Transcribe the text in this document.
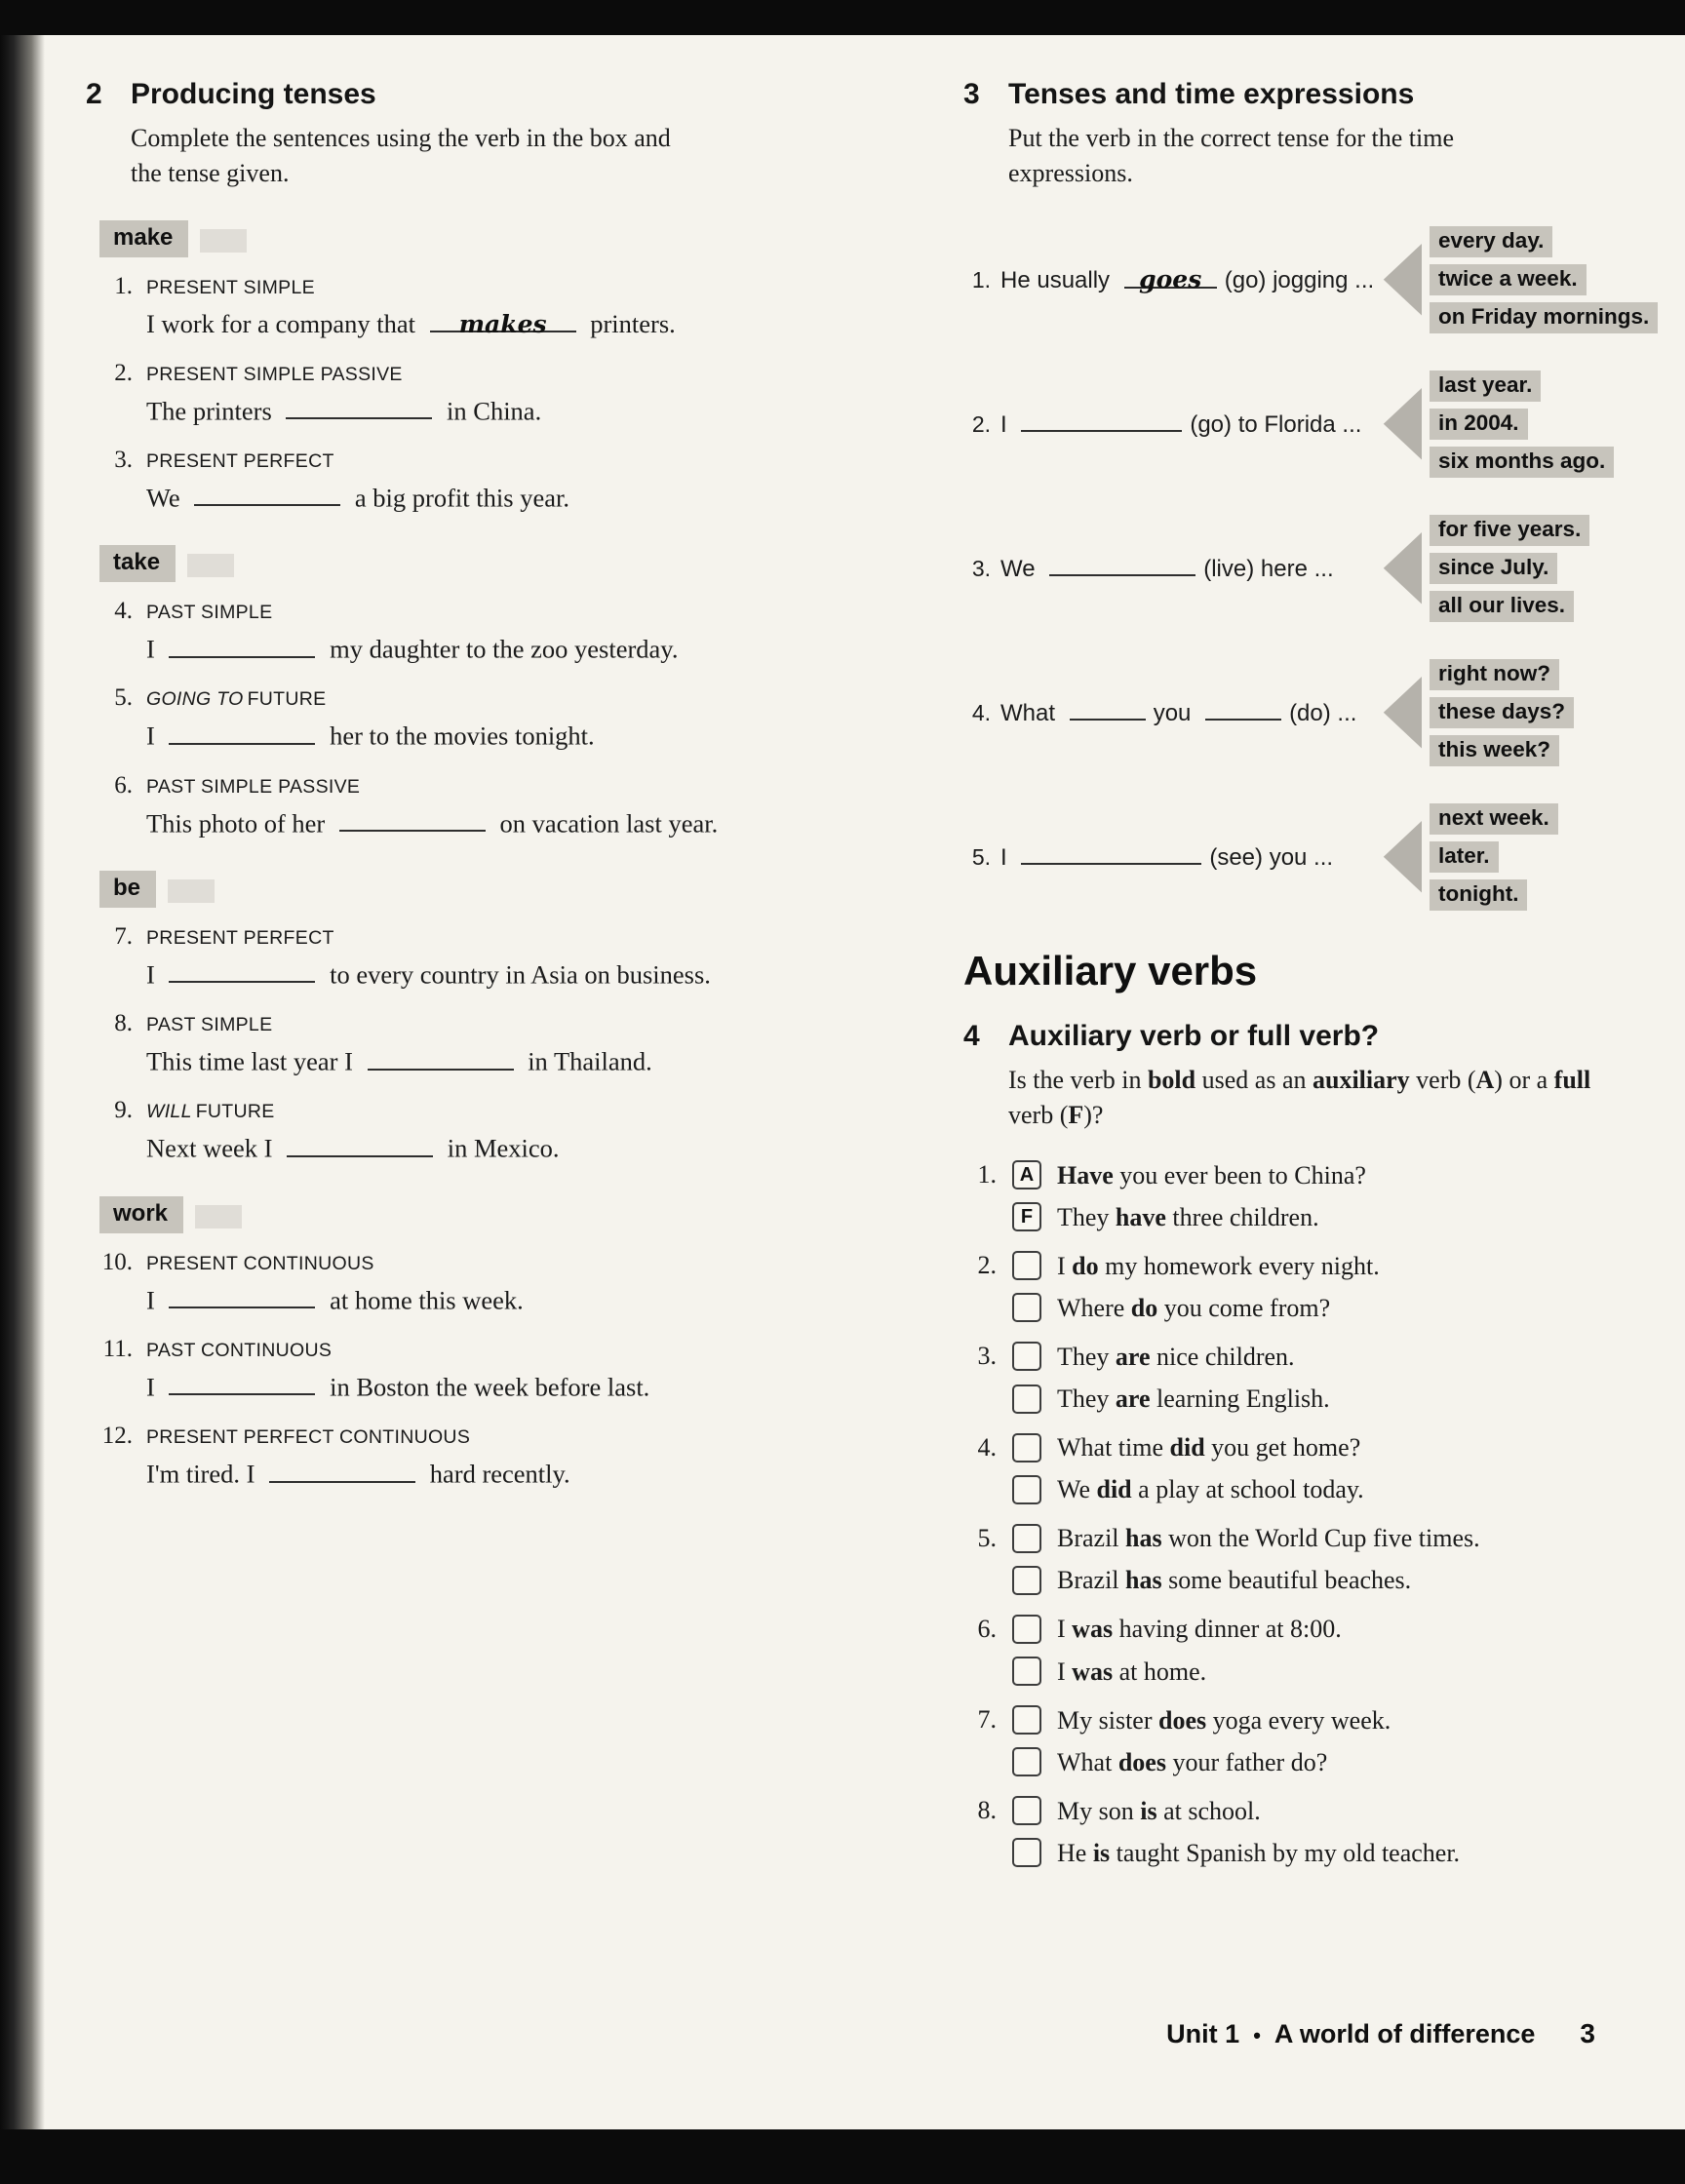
2 Producing tenses

Complete the sentences using the verb in the box and the tense given.

make
1. PRESENT SIMPLE
I work for a company that makes printers.
2. PRESENT SIMPLE PASSIVE
The printers	in China.
3. PRESENT PERFECT
We	a big profit this year.
take
4. PAST SIMPLE
I	my daughter to the zoo yesterday.
5. GOING TO FUTURE
I	her to the movies tonight.
6. PAST SIMPLE PASSIVE
This photo of her	on vacation last year.
be
7. PRESENT PERFECT
I	to every country in Asia on business.
8. PAST SIMPLE
This time last year I	in Thailand.
9. WILL FUTURE
Next week I	in Mexico.
work
10. PRESENT CONTINUOUS
I	at home this week.
11. PAST CONTINUOUS
I	in Boston the week before last.
12. PRESENT PERFECT CONTINUOUS
I'm tired. I	hard recently.
3 Tenses and time expressions

Put the verb in the correct tense for the time expressions.

1. He usually goes (go) jogging ...
every day.
twice a week.
on Friday mornings.
2. I	(go) to Florida ...
last year.
in 2004.
six months ago.
3. We	(live) here ...
for five years.
since July.
all our lives.
4. What	you	(do) ...
right now?
these days?
this week?
5. I	(see) you ...
next week.
later.
tonight.
Auxiliary verbs
4 Auxiliary verb or full verb?

Is the verb in bold used as an auxiliary verb (A) or a full verb (F)?

1. A Have you ever been to China?
F They have three children.
2. I do my homework every night.
Where do you come from?
3. They are nice children.
They are learning English.
4. What time did you get home?
We did a play at school today.
5. Brazil has won the World Cup five times.
Brazil has some beautiful beaches.
6. I was having dinner at 8:00.
I was at home.
7. My sister does yoga every week.
What does your father do?
8. My son is at school.
He is taught Spanish by my old teacher.
Unit 1 • A world of difference 3
